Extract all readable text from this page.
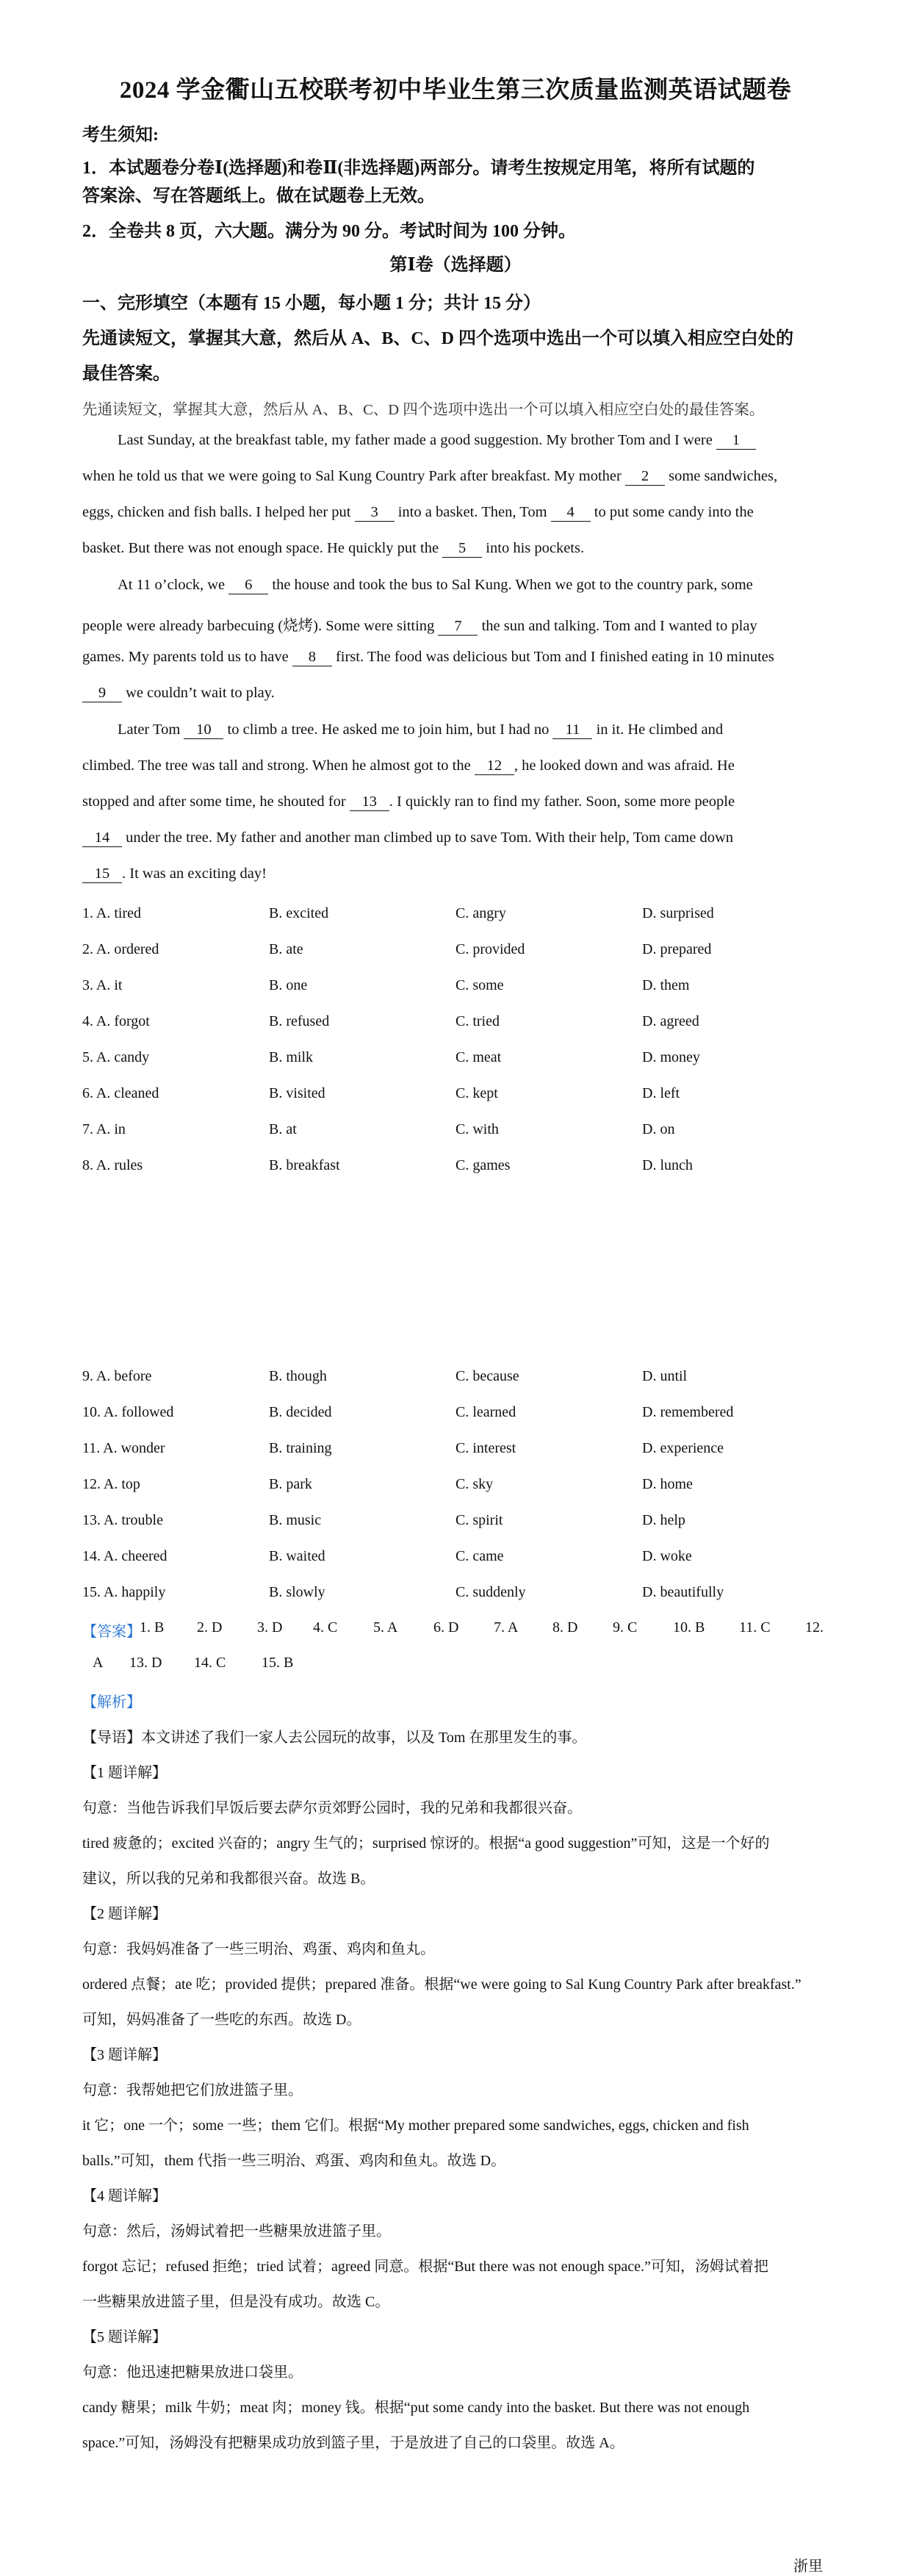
2024 学金衢山五校联考初中毕业生第三次质量监测英语试题卷
考生须知:
1．本试题卷分卷Ⅰ(选择题)和卷Ⅱ(非选择题)两部分。请考生按规定用笔，将所有试题的
答案涂、写在答题纸上。做在试题卷上无效。
2．全卷共 8 页，六大题。满分为 90 分。考试时间为 100 分钟。
第Ⅰ卷（选择题）
一、完形填空（本题有 15 小题，每小题 1 分；共计 15 分）
先通读短文，掌握其大意，然后从 A、B、C、D 四个选项中选出一个可以填入相应空白处的
最佳答案。
先通读短文，掌握其大意，然后从 A、B、C、D 四个选项中选出一个可以填入相应空白处的最佳答案。
Last Sunday, at the breakfast table, my father made a good suggestion. My brother Tom and I were 1
when he told us that we were going to Sal Kung Country Park after breakfast. My mother 2 some sandwiches,
eggs, chicken and fish balls. I helped her put 3 into a basket. Then, Tom 4 to put some candy into the
basket. But there was not enough space. He quickly put the 5 into his pockets.
At 11 o’clock, we 6 the house and took the bus to Sal Kung. When we got to the country park, some
people were already barbecuing (烧烤). Some were sitting 7 the sun and talking. Tom and I wanted to play
games. My parents told us to have 8 first. The food was delicious but Tom and I finished eating in 10 minutes
9 we couldn’t wait to play.
Later Tom 10 to climb a tree. He asked me to join him, but I had no 11 in it. He climbed and
climbed. The tree was tall and strong. When he almost got to the 12 , he looked down and was afraid. He
stopped and after some time, he shouted for 13 . I quickly ran to find my father. Soon, some more people
14 under the tree. My father and another man climbed up to save Tom. With their help, Tom came down
15 . It was an exciting day!
1. A. tired	B. excited	C. angry	D. surprised
2. A. ordered	B. ate	C. provided	D. prepared
3. A. it	B. one	C. some	D. them
4. A. forgot	B. refused	C. tried	D. agreed
5. A. candy	B. milk	C. meat	D. money
6. A. cleaned	B. visited	C. kept	D. left
7. A. in	B. at	C. with	D. on
8. A. rules	B. breakfast	C. games	D. lunch
9. A. before	B. though	C. because	D. until
10. A. followed	B. decided	C. learned	D. remembered
11. A. wonder	B. training	C. interest	D. experience
12. A. top	B. park	C. sky	D. home
13. A. trouble	B. music	C. spirit	D. help
14. A. cheered	B. waited	C. came	D. woke
15. A. happily	B. slowly	C. suddenly	D. beautifully
【答案】
1. B 2. D 3. D 4. C 5. A 6. D 7. A 8. D 9. C 10. B 11. C 12.
A 13. D 14. C 15. B
【解析】
【导语】本文讲述了我们一家人去公园玩的故事，以及 Tom 在那里发生的事。
【1 题详解】
句意：当他告诉我们早饭后要去萨尔贡郊野公园时，我的兄弟和我都很兴奋。
tired 疲惫的；excited 兴奋的；angry 生气的；surprised 惊讶的。根据“a good suggestion”可知，这是一个好的
建议，所以我的兄弟和我都很兴奋。故选 B。
【2 题详解】
句意：我妈妈准备了一些三明治、鸡蛋、鸡肉和鱼丸。
ordered 点餐；ate 吃；provided 提供；prepared 准备。根据“we were going to Sal Kung Country Park after breakfast.”
可知，妈妈准备了一些吃的东西。故选 D。
【3 题详解】
句意：我帮她把它们放进篮子里。
it 它；one 一个；some 一些；them 它们。根据“My mother prepared some sandwiches, eggs, chicken and fish
balls.”可知，them 代指一些三明治、鸡蛋、鸡肉和鱼丸。故选 D。
【4 题详解】
句意：然后，汤姆试着把一些糖果放进篮子里。
forgot 忘记；refused 拒绝；tried 试着；agreed 同意。根据“But there was not enough space.”可知，汤姆试着把
一些糖果放进篮子里，但是没有成功。故选 C。
【5 题详解】
句意：他迅速把糖果放进口袋里。
candy 糖果；milk 牛奶；meat 肉；money 钱。根据“put some candy into the basket. But there was not enough
space.”可知，汤姆没有把糖果成功放到篮子里，于是放进了自己的口袋里。故选 A。
浙里
